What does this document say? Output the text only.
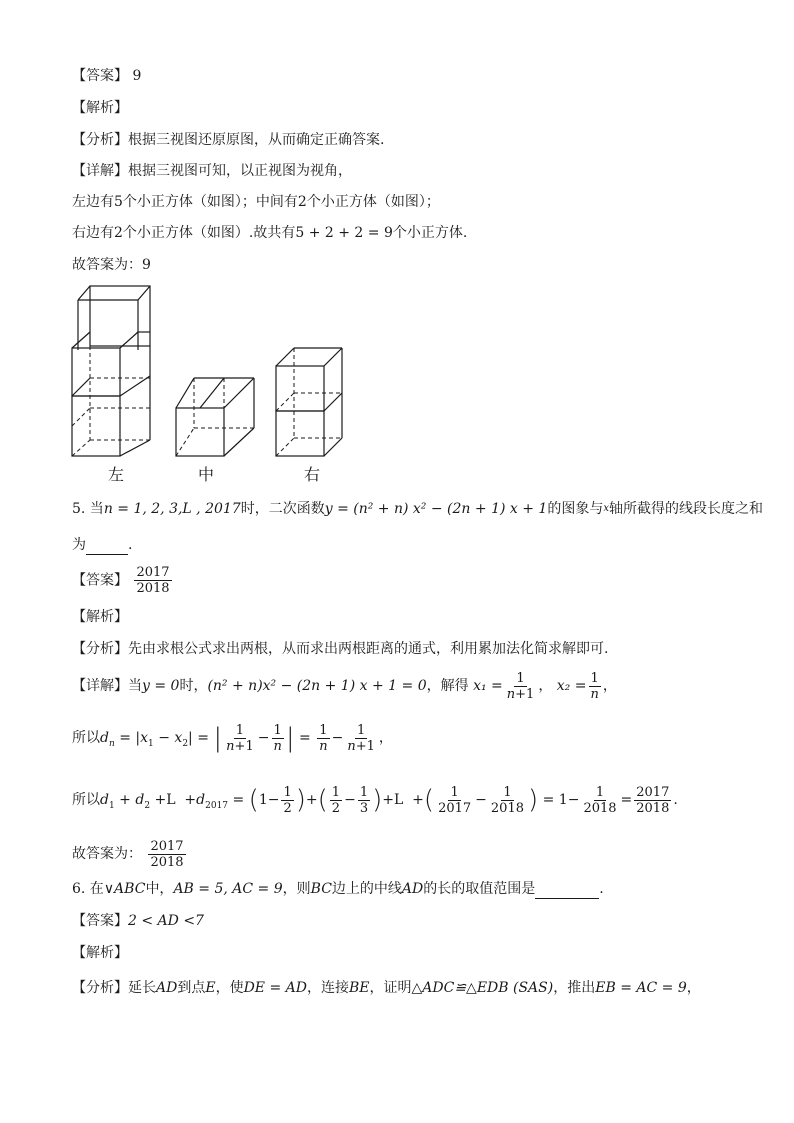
【答案】 9
【解析】
【分析】根据三视图还原原图，从而确定正确答案.
【详解】根据三视图可知，以正视图为视角，
左边有5个小正方体（如图）；中间有2个小正方体（如图）；
右边有2个小正方体（如图）.故共有5 + 2 + 2 = 9个小正方体.
故答案为：9
左	中	右
5. 当n = 1, 2, 3,L , 2017时，二次函数y = (n² + n) x² − (2n + 1) x + 1的图象与$^x$轴所截得的线段长度之和
为	.
【答案】 $\frac{2017}{2018}$
【解析】
【分析】先由求根公式求出两根，从而求出两根距离的通式，利用累加法化简求解即可.
【详解】当y = 0时，(n² + n)x² − (2n + 1) x + 1 = 0，解得 $x_1 = \frac{1}{n+1}$ ， $x_2 = \frac{1}{n}$ ，
所以$d_n = |x_1 - x_2|$ = | $\frac{1}{n+1} - \frac{1}{n}$ | = $\frac{1}{n} - \frac{1}{n+1}$ ，
所以$d_1 + d_2 +L +d_{2017} = (1- \frac{1}{2}$ )+( $\frac{1}{2} - \frac{1}{3} )+L$  +( $\frac{1}{2017} - \frac{1}{2018}$ ) = $1- \frac{1}{2018} = \frac{2017}{2018}$ .
故答案为： $\frac{2017}{2018}$
6. 在∨ABC中，AB = 5, AC = 9，则BC边上的中线AD的长的取值范围是	.
【答案】2 < AD <7
【解析】
【分析】延长AD到点E，使DE = AD，连接BE，证明△ADC≌△EDB (SAS)，推出EB = AC = 9，
